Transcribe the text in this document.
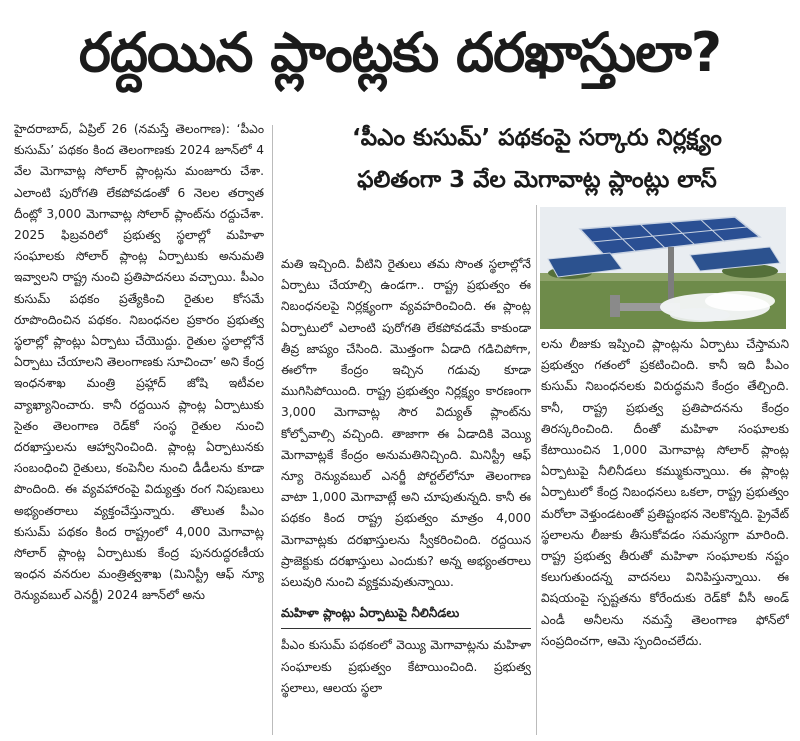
రద్దయిన ప్లాంట్లకు దరఖాస్తులా?
‘పీఎం కుసుమ్’ పథకంపై సర్కారు నిర్లక్ష్యం
ఫలితంగా 3 వేల మెగావాట్ల ప్లాంట్లు లాస్

హైదరాబాద్, ఏప్రిల్ 26 (నమస్తే తెలంగాణ): ‘పీఎం కుసుమ్’ పథకం కింద తెలంగాణకు 2024 జూన్‌లో 4 వేల మెగావాట్ల సోలార్ ప్లాంట్లను మంజూరు చేశా. ఎలాంటి పురోగతి లేకపోవడంతో 6 నెలల తర్వాత దీంట్లో 3,000 మెగావాట్ల సోలార్ ప్లాంట్‌ను రద్దుచేశా. 2025 ఫిబ్రవరిలో ప్రభుత్వ స్థలాల్లో మహిళా సంఘాలకు సోలార్ ప్లాంట్ల ఏర్పాటుకు అనుమతి ఇవ్వాలని రాష్ట్ర నుంచి ప్రతిపాదనలు వచ్చాయి. పీఎం కుసుమ్ పథకం ప్రత్యేకించి రైతుల కోసమే రూపొందించిన పథకం. నిబంధనల ప్రకారం ప్రభుత్వ స్థలాల్లో ప్లాంట్లు ఏర్పాటు చేయొద్దు. రైతుల స్థలాల్లోనే ఏర్పాటు చేయాలని తెలంగాణకు సూచించా’ అని కేంద్ర ఇంధనశాఖ మంత్రి ప్రహ్లాద్ జోషి ఇటీవల వ్యాఖ్యానించారు. కానీ రద్దయిన ప్లాంట్ల ఏర్పాటుకు సైతం తెలంగాణ రెడ్‌కో సంస్థ రైతుల నుంచి దరఖాస్తులను ఆహ్వానించింది. ప్లాంట్ల ఏర్పాటునకు సంబంధించి రైతులు, కంపెనీల నుంచి డీడీలను కూడా పొందింది. ఈ వ్యవహారంపై విద్యుత్తు రంగ నిపుణులు అభ్యంతరాలు వ్యక్తంచేస్తున్నారు. తొలుత పీఎం కుసుమ్ పథకం కింద రాష్ట్రంలో 4,000 మెగావాట్ల సోలార్ ప్లాంట్ల ఏర్పాటుకు కేంద్ర పునరుద్ధరణీయ ఇంధన వనరుల మంత్రిత్వశాఖ (మినిస్ట్రీ ఆఫ్ న్యూ రెన్యువబుల్ ఎనర్జీ) 2024 జూన్‌లో అను

మతి ఇచ్చింది. వీటిని రైతులు తమ సొంత స్థలాల్లోనే ఏర్పాటు చేయాల్సి ఉండగా.. రాష్ట్ర ప్రభుత్వం ఈ నిబంధనలపై నిర్లక్ష్యంగా వ్యవహరించింది. ఈ ప్లాంట్ల ఏర్పాటులో ఎలాంటి పురోగతి లేకపోవడమే కాకుండా తీవ్ర జాప్యం చేసింది. మొత్తంగా ఏడాది గడిచిపోగా, ఈలోగా కేంద్రం ఇచ్చిన గడువు కూడా ముగిసిపోయింది. రాష్ట్ర ప్రభుత్వం నిర్లక్ష్యం కారణంగా 3,000 మెగావాట్ల సౌర విద్యుత్ ప్లాంట్‌ను కోల్పోవాల్సి వచ్చింది. తాజాగా ఈ ఏడాదికి వెయ్యి మెగావాట్లకే కేంద్రం అనుమతినిచ్చింది. మినిస్ట్రీ ఆఫ్ న్యూ రెన్యువబుల్ ఎనర్జీ పోర్టల్‌లోనూ తెలంగాణ వాటా 1,000 మెగావాట్లే అని చూపుతున్నది. కానీ ఈ పథకం కింద రాష్ట్ర ప్రభుత్వం మాత్రం 4,000 మెగావాట్లకు దరఖాస్తులను స్వీకరించింది. రద్దయిన ప్రాజెక్టుకు దరఖాస్తులు ఎందుకు? అన్న అభ్యంతరాలు పలువురి నుంచి వ్యక్తమవుతున్నాయి.

మహిళా ప్లాంట్లు ఏర్పాటుపై నీలినీడలు

పీఎం కుసుమ్ పథకంలో వెయ్యి మెగావాట్లను మహిళా సంఘాలకు ప్రభుత్వం కేటాయించింది. ప్రభుత్వ స్థలాలు, ఆలయ స్థలా

లను లీజుకు ఇప్పించి ప్లాంట్లను ఏర్పాటు చేస్తామని ప్రభుత్వం గతంలో ప్రకటించింది. కానీ ఇది పీఎం కుసుమ్ నిబంధనలకు విరుద్ధమని కేంద్రం తేల్చింది. కానీ, రాష్ట్ర ప్రభుత్వ ప్రతిపాదనను కేంద్రం తిరస్కరించింది. దీంతో మహిళా సంఘాలకు కేటాయించిన 1,000 మెగావాట్ల సోలార్ ప్లాంట్ల ఏర్పాటుపై నీలినీడలు కమ్ముకున్నాయి. ఈ ప్లాంట్ల ఏర్పాటులో కేంద్ర నిబంధనలు ఒకలా, రాష్ట్ర ప్రభుత్వం మరోలా వెళ్తుండటంతో ప్రతిష్టంభన నెలకొన్నది. ప్రైవేట్ స్థలాలను లీజుకు తీసుకోవడం సమస్యగా మారింది. రాష్ట్ర ప్రభుత్వ తీరుతో మహిళా సంఘాలకు నష్టం కలుగుతుందన్న వాదనలు వినిపిస్తున్నాయి. ఈ విషయంపై స్పష్టతను కోరేందుకు రెడ్‌కో వీసీ అండ్ ఎండీ అనీలను నమస్తే తెలంగాణ ఫోన్‌లో సంప్రదించగా, ఆమె స్పందించలేదు.
